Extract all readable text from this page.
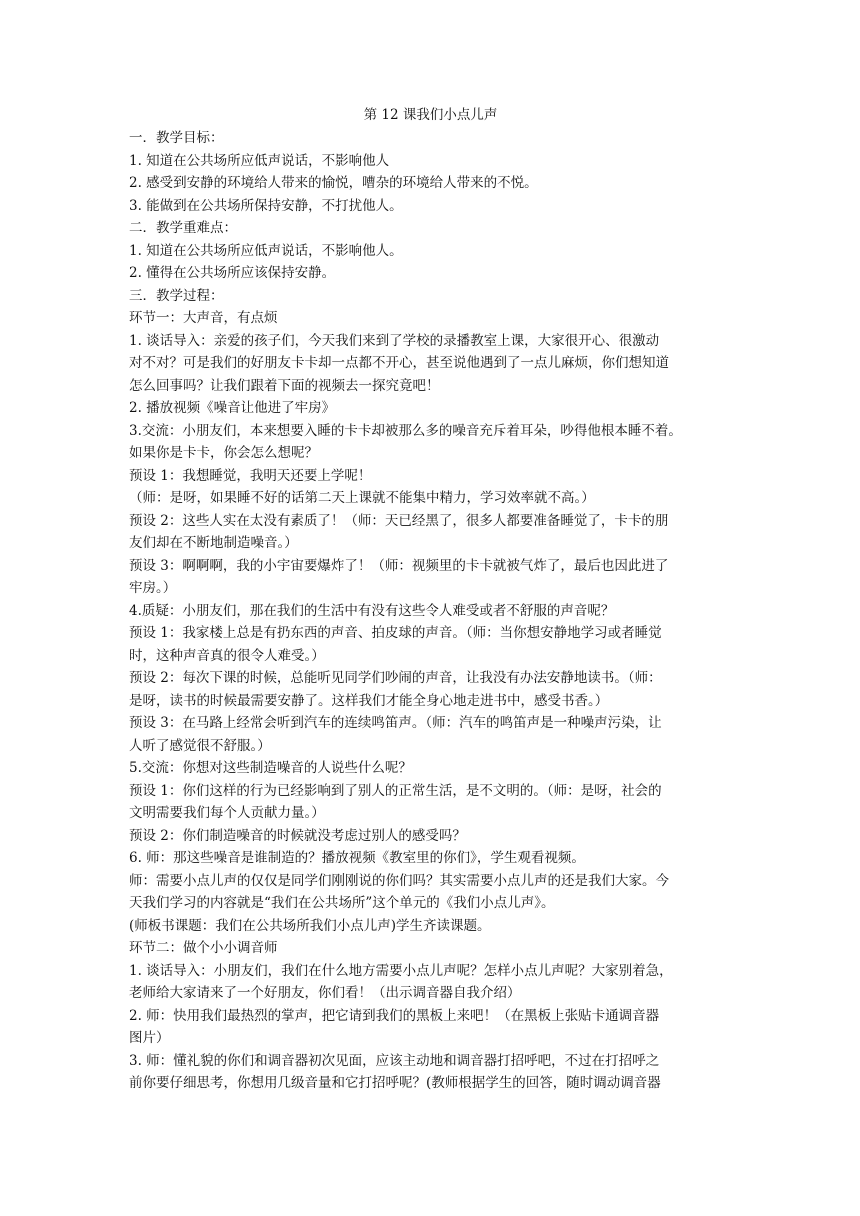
第 12 课我们小点儿声

一．教学目标：

1. 知道在公共场所应低声说话，不影响他人

2. 感受到安静的环境给人带来的愉悦，嘈杂的环境给人带来的不悦。

3. 能做到在公共场所保持安静，不打扰他人。

二．教学重难点：

1. 知道在公共场所应低声说话，不影响他人。

2. 懂得在公共场所应该保持安静。

三．教学过程：

环节一：大声音，有点烦

1. 谈话导入：亲爱的孩子们，今天我们来到了学校的录播教室上课，大家很开心、很激动

对不对？可是我们的好朋友卡卡却一点都不开心，甚至说他遇到了一点儿麻烦，你们想知道

怎么回事吗？让我们跟着下面的视频去一探究竟吧！

2. 播放视频《噪音让他进了牢房》

3.交流：小朋友们，本来想要入睡的卡卡却被那么多的噪音充斥着耳朵，吵得他根本睡不着。

如果你是卡卡，你会怎么想呢？

预设 1：我想睡觉，我明天还要上学呢！

（师：是呀，如果睡不好的话第二天上课就不能集中精力，学习效率就不高。）

预设 2：这些人实在太没有素质了！（师：天已经黑了，很多人都要准备睡觉了，卡卡的朋

友们却在不断地制造噪音。）

预设 3：啊啊啊，我的小宇宙要爆炸了！（师：视频里的卡卡就被气炸了，最后也因此进了

牢房。）

4.质疑：小朋友们，那在我们的生活中有没有这些令人难受或者不舒服的声音呢？

预设 1：我家楼上总是有扔东西的声音、拍皮球的声音。（师：当你想安静地学习或者睡觉

时，这种声音真的很令人难受。）

预设 2：每次下课的时候，总能听见同学们吵闹的声音，让我没有办法安静地读书。（师：

是呀，读书的时候最需要安静了。这样我们才能全身心地走进书中，感受书香。）

预设 3：在马路上经常会听到汽车的连续鸣笛声。（师：汽车的鸣笛声是一种噪声污染，让

人听了感觉很不舒服。）

5.交流：你想对这些制造噪音的人说些什么呢？

预设 1：你们这样的行为已经影响到了别人的正常生活，是不文明的。（师：是呀，社会的

文明需要我们每个人贡献力量。）

预设 2：你们制造噪音的时候就没考虑过别人的感受吗？

6. 师：那这些噪音是谁制造的？播放视频《教室里的你们》，学生观看视频。

师：需要小点儿声的仅仅是同学们刚刚说的你们吗？其实需要小点儿声的还是我们大家。今

天我们学习的内容就是“我们在公共场所”这个单元的《我们小点儿声》。

(师板书课题：我们在公共场所我们小点儿声)学生齐读课题。

环节二：做个小小调音师

1. 谈话导入：小朋友们，我们在什么地方需要小点儿声呢？怎样小点儿声呢？大家别着急，

老师给大家请来了一个好朋友，你们看！（出示调音器自我介绍）

2. 师：快用我们最热烈的掌声，把它请到我们的黑板上来吧！（在黑板上张贴卡通调音器

图片）

3. 师：懂礼貌的你们和调音器初次见面，应该主动地和调音器打招呼吧，不过在打招呼之

前你要仔细思考，你想用几级音量和它打招呼呢？(教师根据学生的回答，随时调动调音器
